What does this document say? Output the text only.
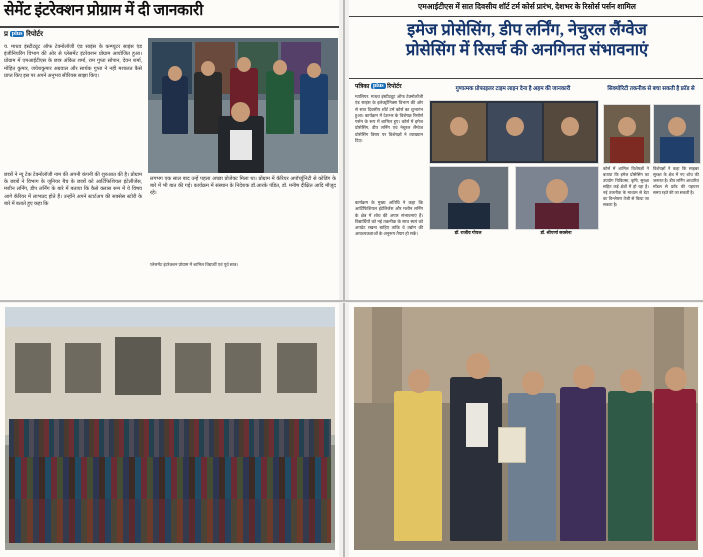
सेमेंट इंटरेक्शन प्रोग्राम में दी जानकारी
प्र plus रिपोर्टर
य. माधव इंस्टीट्यूट ऑफ टेक्नोलॉजी एंड साइंस के कम्प्यूटर साइंस एंड इंजीनियरिंग विभाग की ओर से प्लेसमेंट इंटरेक्शन प्रोग्राम आयोजित हुआ। प्रोग्राम में एमआईटीएस के छात्र अंकित शर्मा, राम गुप्ता सोपान, देवन शर्मा, मोहित कुमार, जयेशकुमार अग्रवाल और सार्थक गुप्ता ने नही मशालत कैसे प्राप्त किए इस पर अपने अनुभव सीरियस साझा किए।
छात्रों ने न्यू टेक टेक्नोलॉजी नाम की अपनी कंपनी की शुरुआत की है। प्रोग्राम के छात्रों ने विभाग के जूनियर बैच के छात्रों को आर्टिफिशियल इंटेलीजेंस, मशीन लर्निंग, डीप लर्निंग के बारे में बताया कि कैसे क्लास रूम में ये विषय आगे कॅरियर में लाभप्रद होते हैं। उन्होंने अपने स्टार्टअप की सक्सेस स्टोरी के बारे में बताते हुए कहा कि
लगभग एक साल बाद उन्हें पहला अच्छा प्रोजेक्ट मिला था। प्रोग्राम में कॅरियर अपॉर्च्युनिटी से कोडिंग के बारे में भी बात की गई। कार्यक्रम में संस्थान के निदेशक डॉ.आरके पंडित, डॉ. मनीष दीक्षित आदि मौजूद रहे।
प्लेसमेंट इंटरेक्शन प्रोग्राम में शामिल विद्यार्थी एवं पूर्व छात्र।
एमआईटीएस में सात दिवसीय शॉर्ट टर्म कोर्स प्रारंभ, देशभर के रिसोर्स पर्सन शामिल
इमेज प्रोसेसिंग, डीप लर्निंग, नेचुरल लैंग्वेज
प्रोसेसिंग में रिसर्च की अनगिनत संभावनाएं
पत्रिका plus रिपोर्टर
ग्वालियर. माधव इंस्टीट्यूट ऑफ टेक्नोलॉजी एंड साइंस के इलेक्ट्रॉनिक्स विभाग की ओर से सात दिवसीय शॉर्ट टर्म कोर्स का शुभारंभ हुआ। कार्यक्रम में देशभर के विशेषज्ञ रिसोर्स पर्सन के रूप में शामिल हुए। कोर्स में इमेज प्रोसेसिंग, डीप लर्निंग एवं नेचुरल लैंग्वेज प्रोसेसिंग विषय पर विशेषज्ञों ने व्याख्यान दिए।
कार्यक्रम के मुख्य अतिथि ने कहा कि आर्टिफिशियल इंटेलिजेंस और मशीन लर्निंग के क्षेत्र में शोध की अपार संभावनाएं हैं। विद्यार्थियों को नई तकनीक के साथ स्वयं को अपडेट रखना चाहिए ताकि वे उद्योग की आवश्यकताओं के अनुरूप तैयार हो सकें।
गुणात्मक प्रोफाइलर टाइम लाइन देना है अहम की जानकारी
डॉ. राजीव गोयल	डॉ. श्रीपर्णा सक्सेना
सिक्योरिटी तकनीक से बचा सकती है फ्रॉड से
कोर्स में शामिल विशेषज्ञों ने बताया कि इमेज प्रोसेसिंग का उपयोग चिकित्सा, कृषि, सुरक्षा सहित कई क्षेत्रों में हो रहा है। नई तकनीक के माध्यम से डेटा का विश्लेषण तेजी से किया जा सकता है।
विशेषज्ञों ने कहा कि साइबर सुरक्षा के क्षेत्र में नए शोध की जरूरत है। डीप लर्निंग आधारित मॉडल से फ्रॉड की पहचान समय रहते की जा सकती है।
